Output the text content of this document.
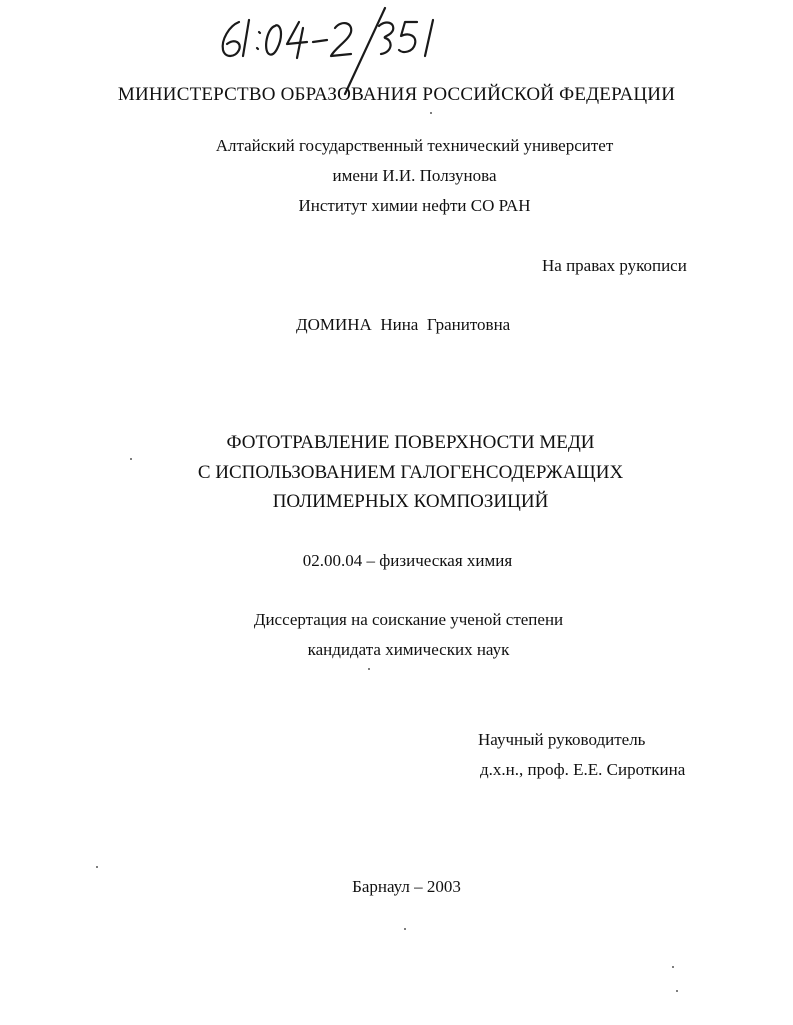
МИНИСТЕРСТВО ОБРАЗОВАНИЯ РОССИЙСКОЙ ФЕДЕРАЦИИ
Алтайский государственный технический университет
имени И.И. Ползунова
Институт химии нефти СО РАН
На правах рукописи
ДОМИНА  Нина  Гранитовна
ФОТОТРАВЛЕНИЕ ПОВЕРХНОСТИ МЕДИ
С ИСПОЛЬЗОВАНИЕМ ГАЛОГЕНСОДЕРЖАЩИХ
ПОЛИМЕРНЫХ КОМПОЗИЦИЙ
02.00.04 – физическая химия
Диссертация на соискание ученой степени
кандидата химических наук
Научный руководитель
д.х.н., проф. Е.Е. Сироткина
Барнаул – 2003
